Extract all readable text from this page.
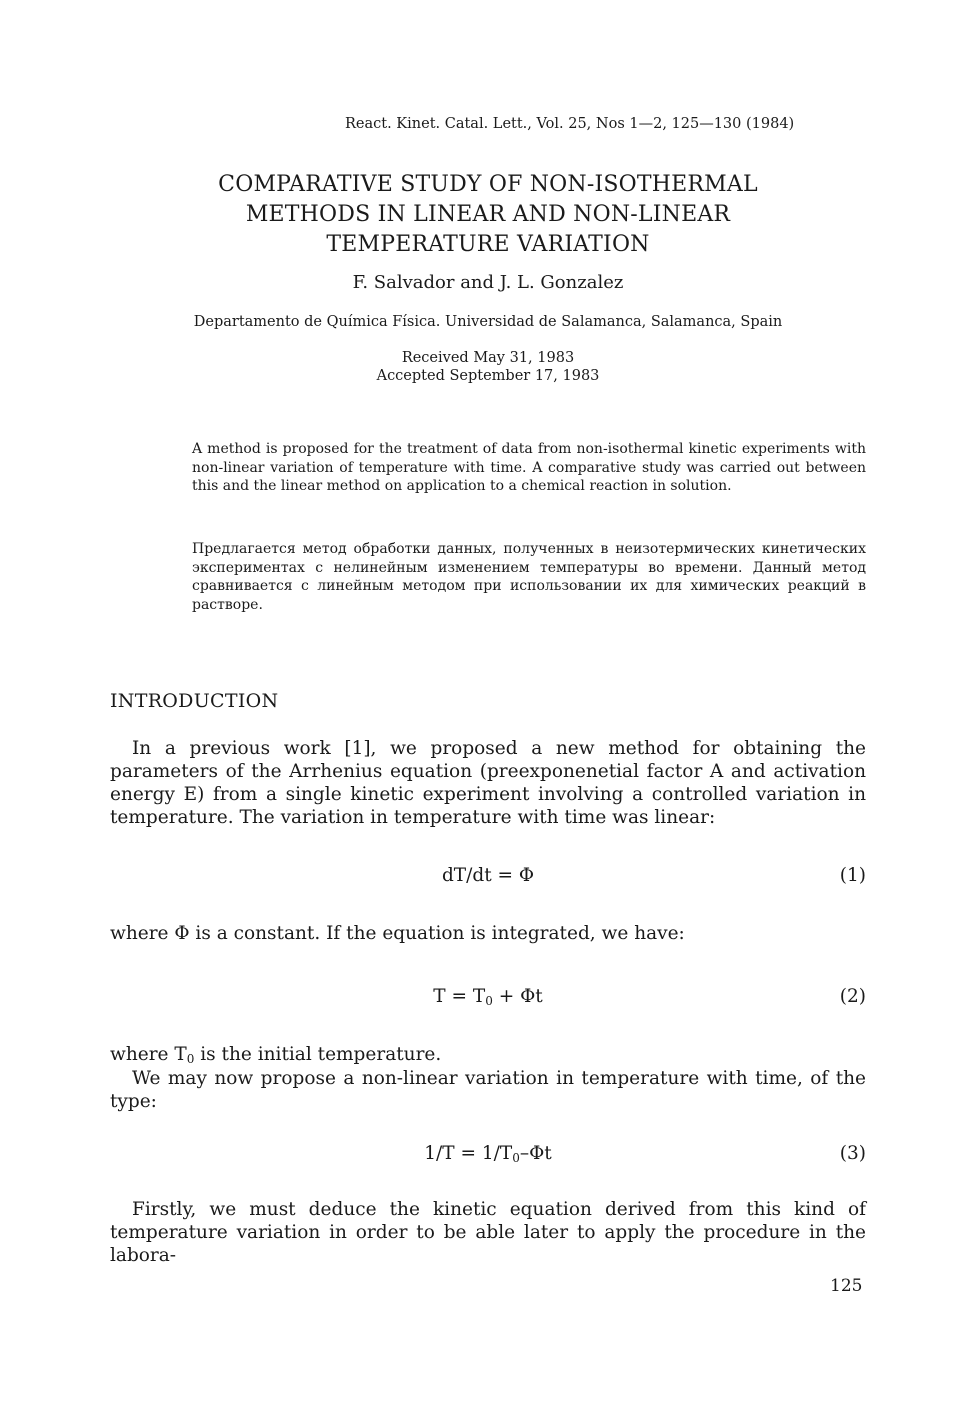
React. Kinet. Catal. Lett., Vol. 25, Nos 1—2, 125—130 (1984)
COMPARATIVE STUDY OF NON-ISOTHERMAL
METHODS IN LINEAR AND NON-LINEAR
TEMPERATURE VARIATION
F. Salvador and J. L. Gonzalez
Departamento de Química Física. Universidad de Salamanca, Salamanca, Spain
Received May 31, 1983
Accepted September 17, 1983
A method is proposed for the treatment of data from non-isothermal kinetic experiments with non-linear variation of temperature with time. A comparative study was carried out between this and the linear method on application to a chemical reaction in solution.
Предлагается метод обработки данных, полученных в неизотермических кинетических экспериментах с нелинейным изменением температуры во времени. Данный метод сравнивается с линейным методом при использовании их для химических реакций в растворе.
INTRODUCTION
In a previous work [1], we proposed a new method for obtaining the parameters of the Arrhenius equation (preexponenetial factor A and activation energy E) from a single kinetic experiment involving a controlled variation in temperature. The variation in temperature with time was linear:
dT/dt = Φ	(1)
where Φ is a constant. If the equation is integrated, we have:
$T = T_0 + \Phi t$	(2)
where $T_0$ is the initial temperature.
We may now propose a non-linear variation in temperature with time, of the type:
$1/T = 1/T_0-\Phi t$	(3)
Firstly, we must deduce the kinetic equation derived from this kind of temperature variation in order to be able later to apply the procedure in the labora-
125
